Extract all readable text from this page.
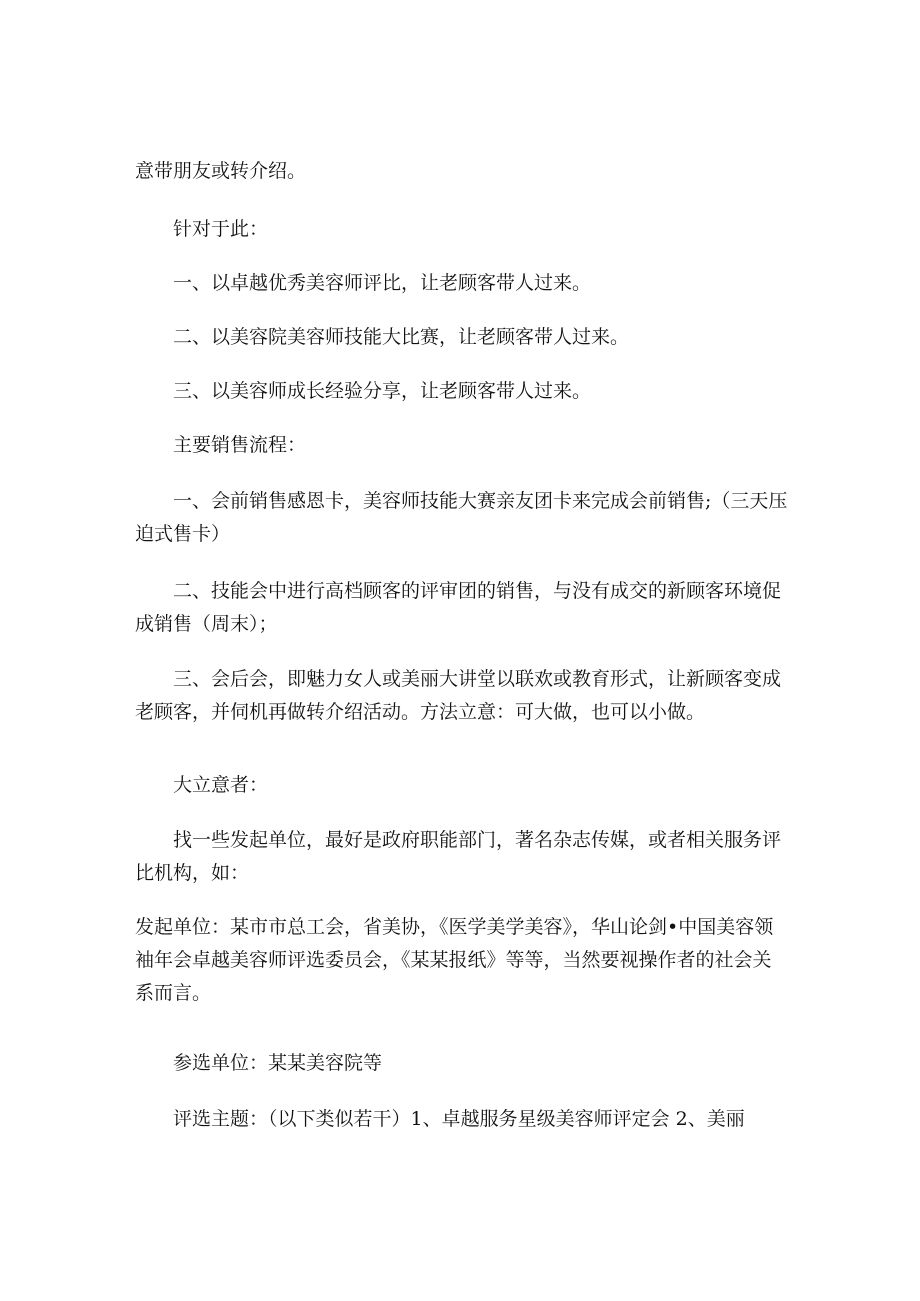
意带朋友或转介绍。

针对于此：

一、以卓越优秀美容师评比，让老顾客带人过来。

二、以美容院美容师技能大比赛，让老顾客带人过来。

三、以美容师成长经验分享，让老顾客带人过来。

主要销售流程：

一、会前销售感恩卡，美容师技能大赛亲友团卡来完成会前销售;（三天压迫式售卡）

二、技能会中进行高档顾客的评审团的销售，与没有成交的新顾客环境促成销售（周末）；

三、会后会，即魅力女人或美丽大讲堂以联欢或教育形式，让新顾客变成老顾客，并伺机再做转介绍活动。方法立意：可大做，也可以小做。

大立意者：

找一些发起单位，最好是政府职能部门，著名杂志传媒，或者相关服务评比机构，如：

发起单位：某市市总工会，省美协，《医学美学美容》，华山论剑•中国美容领袖年会卓越美容师评选委员会，《某某报纸》等等，当然要视操作者的社会关系而言。

参选单位：某某美容院等

评选主题：（以下类似若干）1、卓越服务星级美容师评定会 2、美丽
